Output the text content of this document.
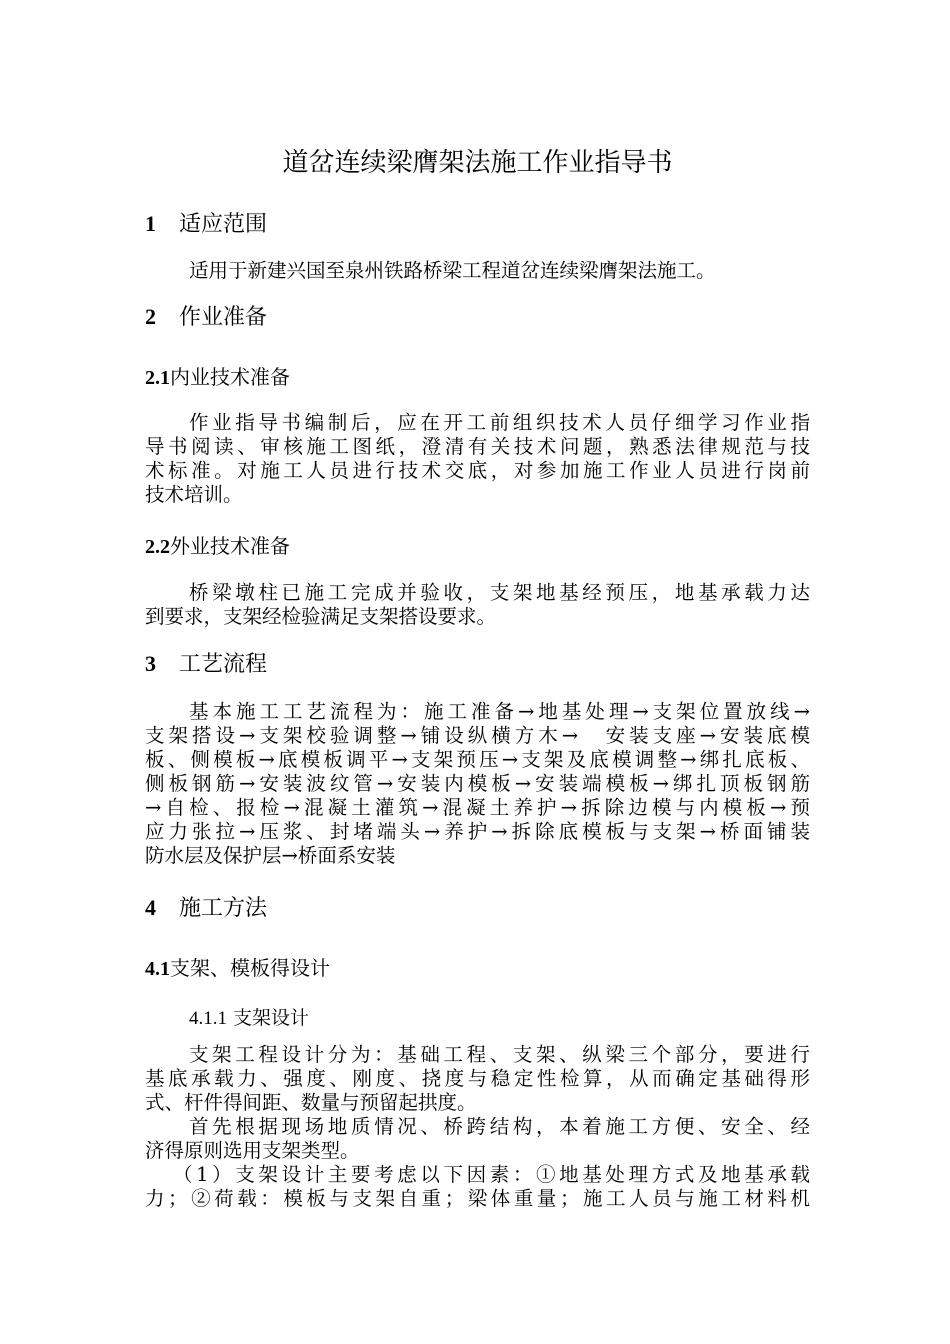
道岔连续梁膺架法施工作业指导书
1 适应范围
适用于新建兴国至泉州铁路桥梁工程道岔连续梁膺架法施工。
2 作业准备
2.1内业技术准备
作业指导书编制后，应在开工前组织技术人员仔细学习作业指
导书阅读、审核施工图纸，澄清有关技术问题，熟悉法律规范与技
术标准。对施工人员进行技术交底，对参加施工作业人员进行岗前
技术培训。
2.2外业技术准备
桥梁墩柱已施工完成并验收，支架地基经预压，地基承载力达
到要求，支架经检验满足支架搭设要求。
3 工艺流程
基本施工工艺流程为：施工准备→地基处理→支架位置放线→
支架搭设→支架校验调整→铺设纵横方木→　安装支座→安装底模
板、侧模板→底模板调平→支架预压→支架及底模调整→绑扎底板、
侧板钢筋→安装波纹管→安装内模板→安装端模板→绑扎顶板钢筋
→自检、报检→混凝土灌筑→混凝土养护→拆除边模与内模板→预
应力张拉→压浆、封堵端头→养护→拆除底模板与支架→桥面铺装
防水层及保护层→桥面系安装
4 施工方法
4.1支架、模板得设计
4.1.1 支架设计
支架工程设计分为：基础工程、支架、纵梁三个部分，要进行
基底承载力、强度、刚度、挠度与稳定性检算，从而确定基础得形
式、杆件得间距、数量与预留起拱度。
首先根据现场地质情况、桥跨结构，本着施工方便、安全、经
济得原则选用支架类型。
（1）支架设计主要考虑以下因素：①地基处理方式及地基承载
力；②荷载：模板与支架自重；梁体重量；施工人员与施工材料机
